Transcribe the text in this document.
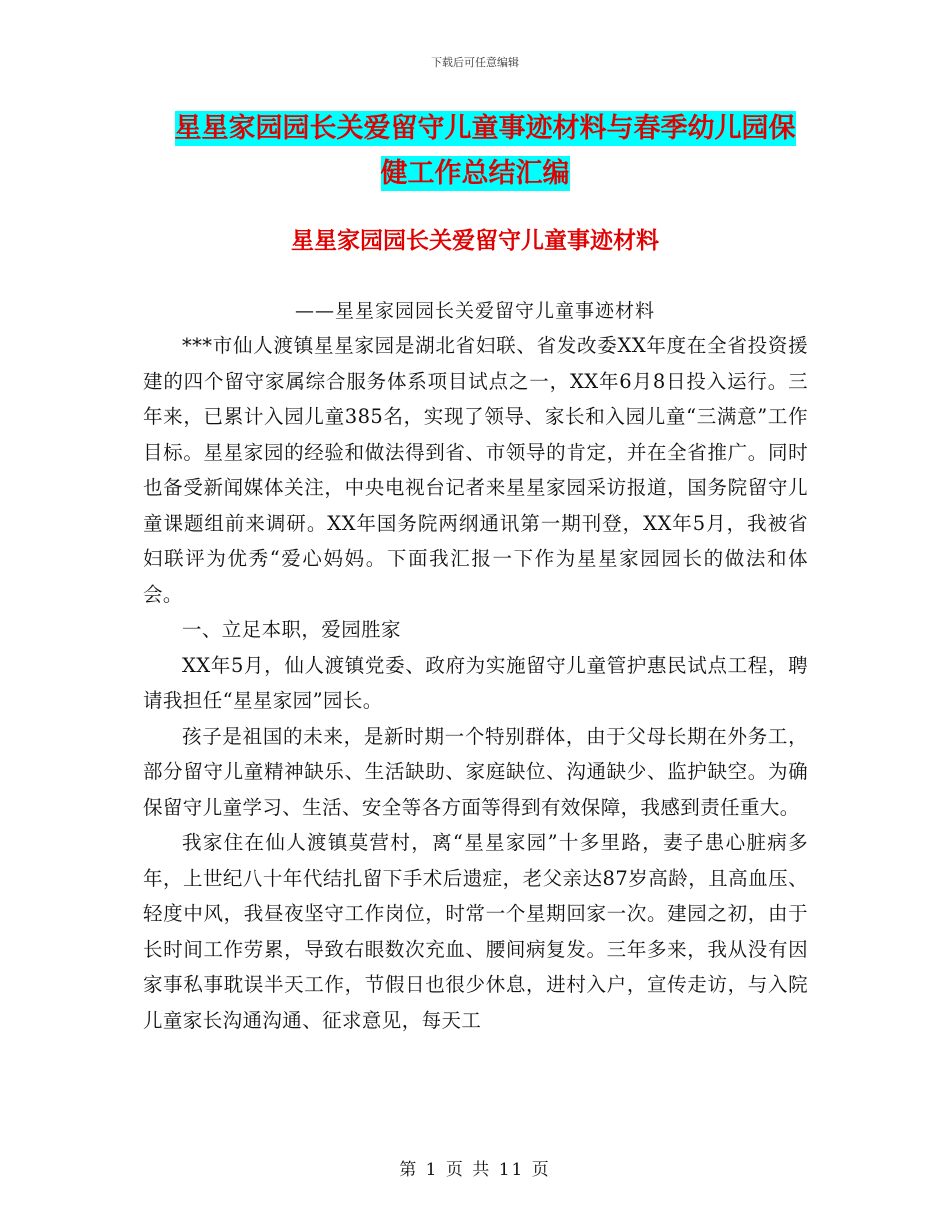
下载后可任意编辑
星星家园园长关爱留守儿童事迹材料与春季幼儿园保
健工作总结汇编
星星家园园长关爱留守儿童事迹材料
——星星家园园长关爱留守儿童事迹材料

***市仙人渡镇星星家园是湖北省妇联、省发改委XX年度在全省投资援建的四个留守家属综合服务体系项目试点之一，XX年6月8日投入运行。三年来，已累计入园儿童385名，实现了领导、家长和入园儿童“三满意”工作目标。星星家园的经验和做法得到省、市领导的肯定，并在全省推广。同时也备受新闻媒体关注，中央电视台记者来星星家园采访报道，国务院留守儿童课题组前来调研。XX年国务院两纲通讯第一期刊登，XX年5月，我被省妇联评为优秀“爱心妈妈。下面我汇报一下作为星星家园园长的做法和体会。

一、立足本职，爱园胜家

XX年5月，仙人渡镇党委、政府为实施留守儿童管护惠民试点工程，聘请我担任“星星家园”园长。

孩子是祖国的未来，是新时期一个特别群体，由于父母长期在外务工，部分留守儿童精神缺乐、生活缺助、家庭缺位、沟通缺少、监护缺空。为确保留守儿童学习、生活、安全等各方面等得到有效保障，我感到责任重大。

我家住在仙人渡镇莫营村，离“星星家园”十多里路，妻子患心脏病多年，上世纪八十年代结扎留下手术后遗症，老父亲达87岁高龄，且高血压、轻度中风，我昼夜坚守工作岗位，时常一个星期回家一次。建园之初，由于长时间工作劳累，导致右眼数次充血、腰间病复发。三年多来，我从没有因家事私事耽误半天工作，节假日也很少休息，进村入户，宣传走访，与入院儿童家长沟通沟通、征求意见，每天工

第 1 页 共 11 页
